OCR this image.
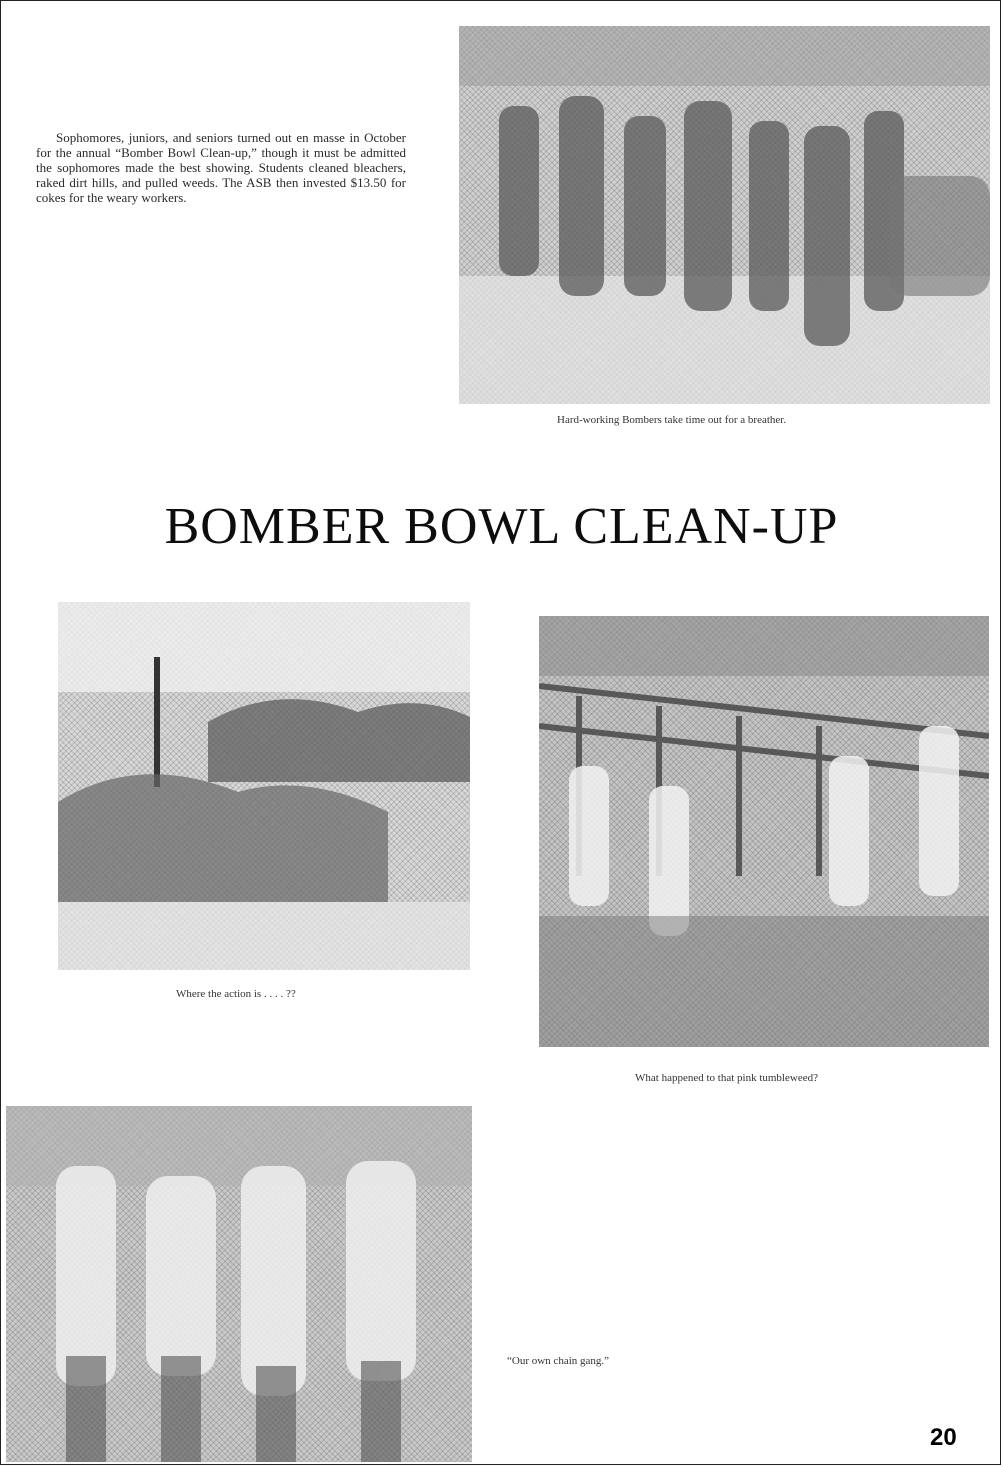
Sophomores, juniors, and seniors turned out en masse in October for the annual “Bomber Bowl Clean-up,” though it must be admitted the sophomores made the best showing. Students cleaned bleachers, raked dirt hills, and pulled weeds. The ASB then invested $13.50 for cokes for the weary workers.

Hard-working Bombers take time out for a breather.

BOMBER BOWL CLEAN-UP

Where the action is . . . . ??

What happened to that pink tumbleweed?

“Our own chain gang.”

20
